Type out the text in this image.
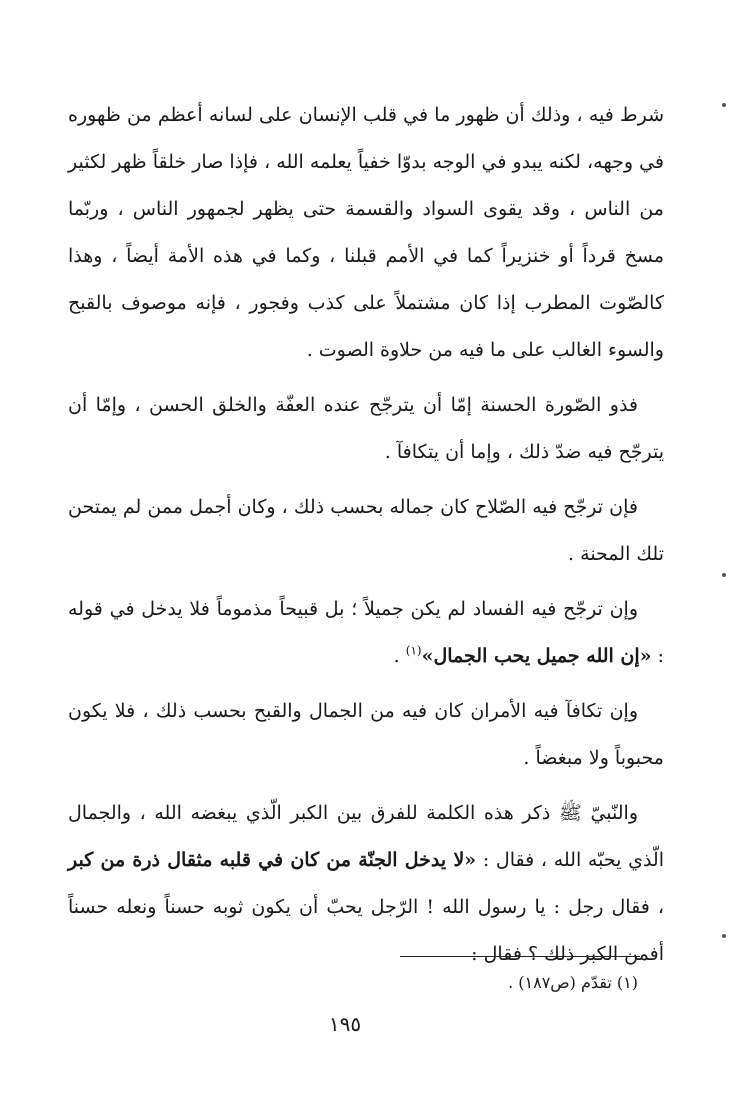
شرط فيه ، وذلك أن ظهور ما في قلب الإنسان على لسانه أعظم من ظهوره في وجهه، لكنه يبدو في الوجه بدوّا خفياً يعلمه الله ، فإذا صار خلقاً ظهر لكثير من الناس ، وقد يقوى السواد والقسمة حتى يظهر لجمهور الناس ، وربّما مسخ قرداً أو خنزيراً كما في الأمم قبلنا ، وكما في هذه الأمة أيضاً ، وهذا كالصّوت المطرب إذا كان مشتملاً على كذب وفجور ، فإنه موصوف بالقبح والسوء الغالب على ما فيه من حلاوة الصوت .

فذو الصّورة الحسنة إمّا أن يترجّح عنده العفّة والخلق الحسن ، وإمّا أن يترجّح فيه ضدّ ذلك ، وإما أن يتكافآ .

فإن ترجّح فيه الصّلاح كان جماله بحسب ذلك ، وكان أجمل ممن لم يمتحن تلك المحنة .

وإن ترجّح فيه الفساد لم يكن جميلاً ؛ بل قبيحاً مذموماً فلا يدخل في قوله : «إن الله جميل يحب الجمال»$^{(١)}$ .

وإن تكافآ فيه الأمران كان فيه من الجمال والقبح بحسب ذلك ، فلا يكون محبوباً ولا مبغضاً .

والنّبيّ ﷺ ذكر هذه الكلمة للفرق بين الكبر الّذي يبغضه الله ، والجمال الّذي يحبّه الله ، فقال : «لا يدخل الجنّة من كان في قلبه مثقال ذرة من كبر ، فقال رجل : يا رسول الله ! الرّجل يحبّ أن يكون ثوبه حسناً ونعله حسناً أفمن الكبر ذلك ؟ فقال :

(١) تقدّم (ص١٨٧) .
١٩٥
